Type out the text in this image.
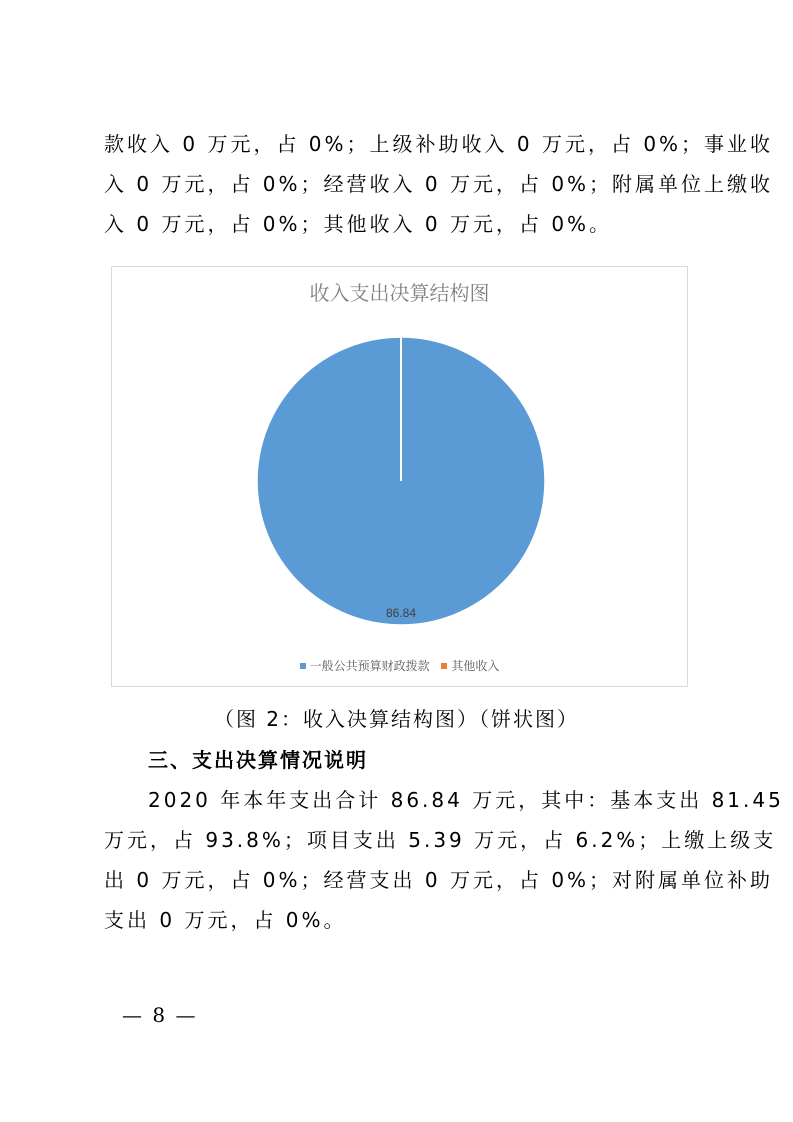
款收入 0 万元，占 0%；上级补助收入 0 万元，占 0%；事业收
入 0 万元，占 0%；经营收入 0 万元，占 0%；附属单位上缴收
入 0 万元，占 0%；其他收入 0 万元，占 0%。
收入支出决算结构图
86.84
一般公共预算财政拨款 其他收入
（图 2：收入决算结构图）（饼状图）
三、支出决算情况说明
2020 年本年支出合计 86.84 万元，其中：基本支出 81.45
万元，占 93.8%；项目支出 5.39 万元，占 6.2%；上缴上级支
出 0 万元，占 0%；经营支出 0 万元，占 0%；对附属单位补助
支出 0 万元，占 0%。
— 8 —
